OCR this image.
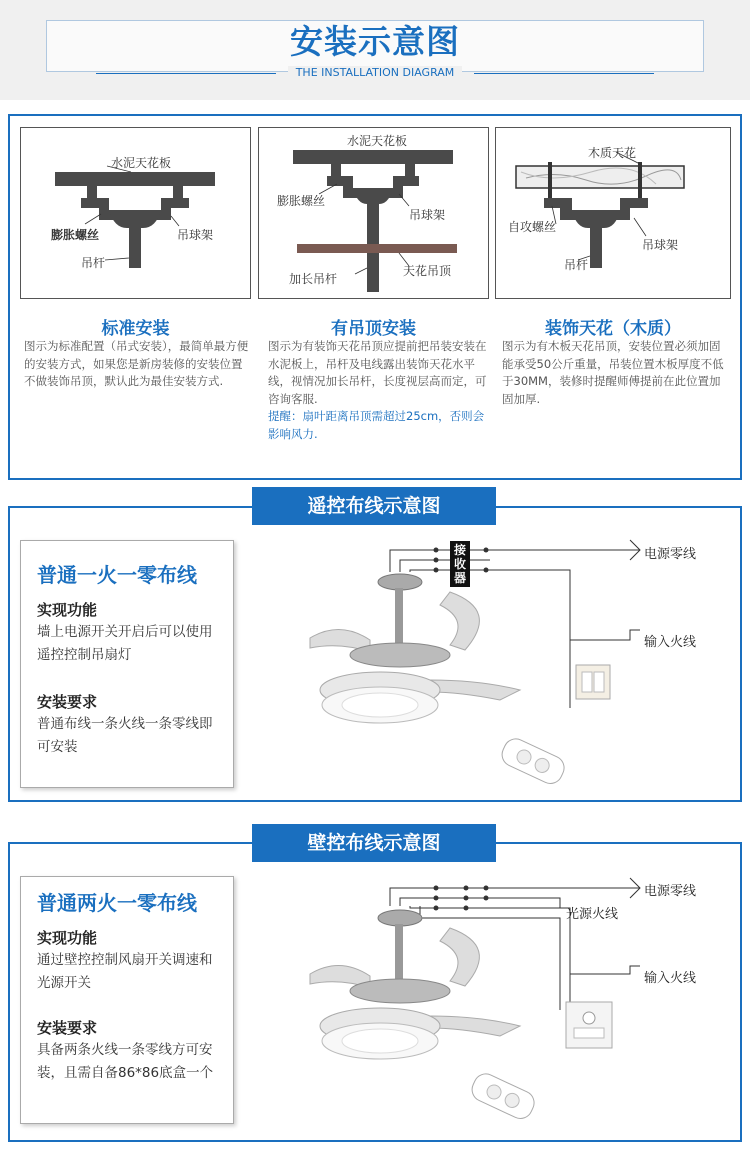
安装示意图
THE INSTALLATION DIAGRAM
水泥天花板
膨胀螺丝	吊球架
吊杆
标准安装
图示为标准配置（吊式安装），最简单最方便的安装方式，如果您是新房装修的安装位置不做装饰吊顶，默认此为最佳安装方式.
水泥天花板
膨胀螺丝
吊球架
加长吊杆
天花吊顶
有吊顶安装
图示为有装饰天花吊顶应提前把吊装安装在水泥板上，吊杆及电线露出装饰天花水平线，视情况加长吊杆，长度视层高而定，可咨询客服.
提醒：扇叶距离吊顶需超过25cm，否则会影响风力.
木质天花
自攻螺丝
吊球架
吊杆
装饰天花（木质）
图示为有木板天花吊顶，安装位置必须加固能承受50公斤重量，吊装位置木板厚度不低于30MM，装修时提醒师傅提前在此位置加固加厚.
遥控布线示意图
普通一火一零布线
实现功能
墙上电源开关开启后可以使用遥控控制吊扇灯
安装要求
普通布线一条火线一条零线即可安装
接收器
电源零线
输入火线
壁控布线示意图
普通两火一零布线
实现功能
通过壁控控制风扇开关调速和光源开关
安装要求
具备两条火线一条零线方可安装，且需自备86*86底盒一个
电源零线
光源火线
输入火线
